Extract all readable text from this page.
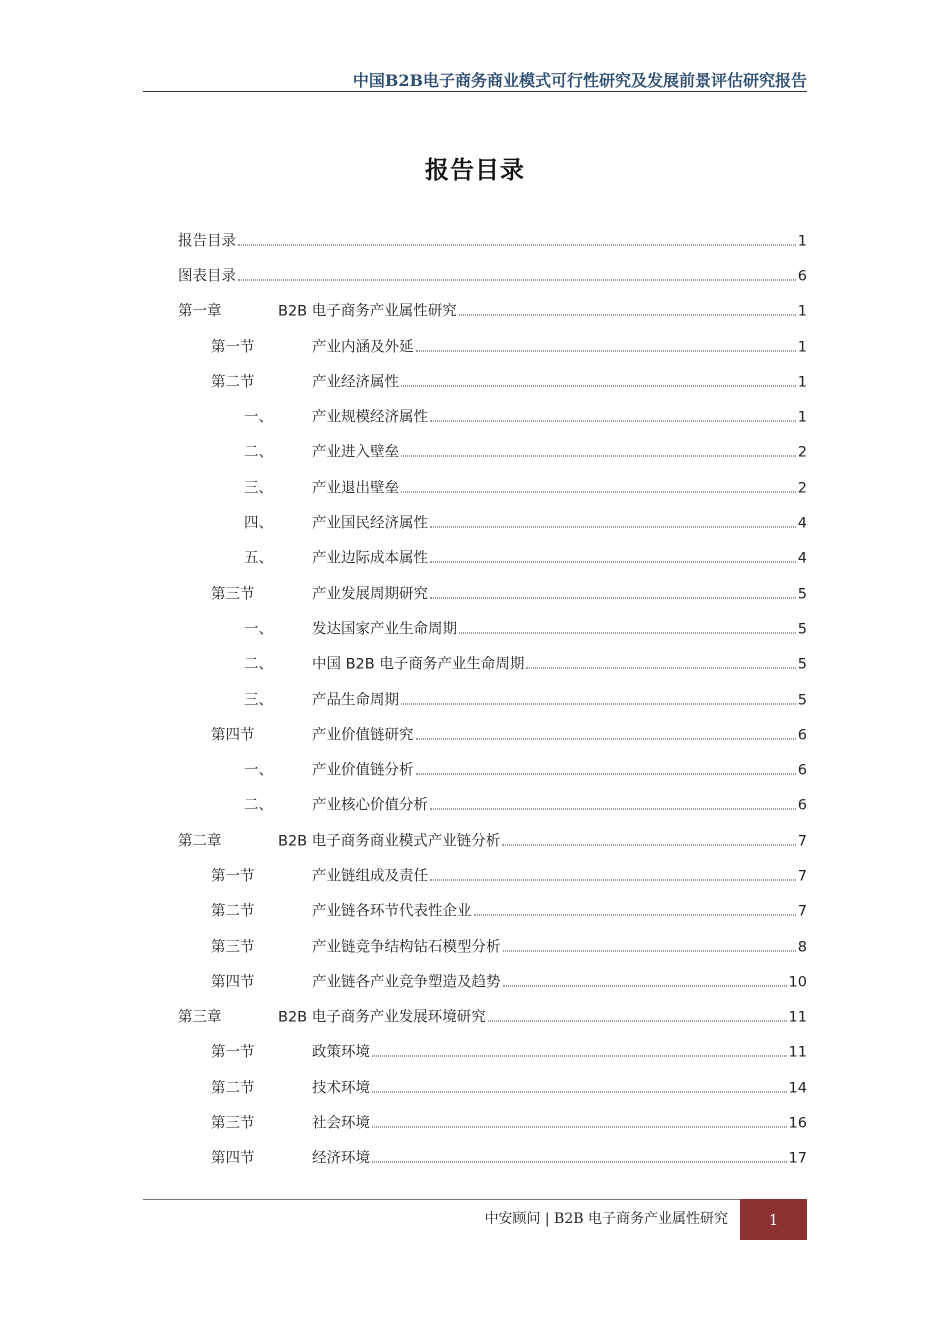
中国B2B电子商务商业模式可行性研究及发展前景评估研究报告
报告目录
报告目录	1
图表目录	6
第一章	B2B 电子商务产业属性研究	1
第一节	产业内涵及外延	1
第二节	产业经济属性	1
一、	产业规模经济属性	1
二、	产业进入壁垒	2
三、	产业退出壁垒	2
四、	产业国民经济属性	4
五、	产业边际成本属性	4
第三节	产业发展周期研究	5
一、	发达国家产业生命周期	5
二、	中国 B2B 电子商务产业生命周期	5
三、	产品生命周期	5
第四节	产业价值链研究	6
一、	产业价值链分析	6
二、	产业核心价值分析	6
第二章	B2B 电子商务商业模式产业链分析	7
第一节	产业链组成及责任	7
第二节	产业链各环节代表性企业	7
第三节	产业链竞争结构钻石模型分析	8
第四节	产业链各产业竞争塑造及趋势	10
第三章	B2B 电子商务产业发展环境研究	11
第一节	政策环境	11
第二节	技术环境	14
第三节	社会环境	16
第四节	经济环境	17
中安顾问 | B2B 电子商务产业属性研究	1
